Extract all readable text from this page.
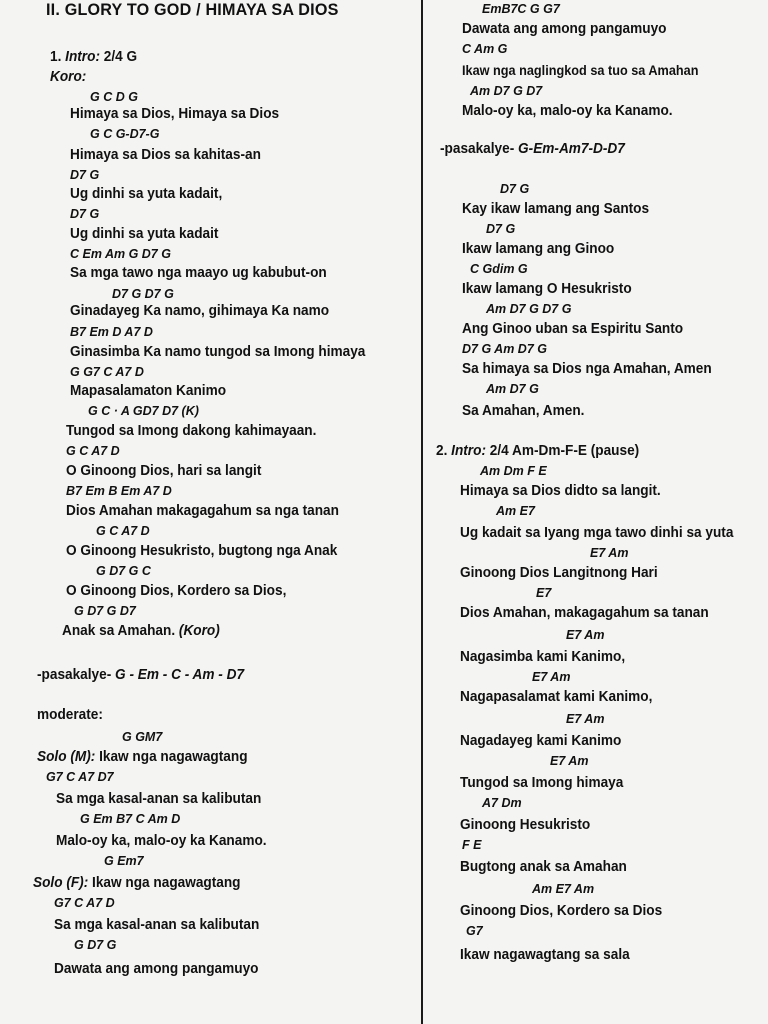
II. GLORY TO GOD / HIMAYA SA DIOS
1. Intro: 2/4 G
Koro:
G C D G
Himaya sa Dios, Himaya sa Dios
G C G-D7-G
Himaya sa Dios sa kahitas-an
D7 G
Ug dinhi sa yuta kadait,
D7 G
Ug dinhi sa yuta kadait
C Em Am G D7 G
Sa mga tawo nga maayo ug kabubut-on
D7 G D7 G
Ginadayeg Ka namo, gihimaya Ka namo
B7 Em D A7 D
Ginasimba Ka namo tungod sa Imong himaya
G G7 C A7 D
Mapasalamaton Kanimo
G C · A GD7 D7 (K)
Tungod sa Imong dakong kahimayaan.
G C A7 D
O Ginoong Dios, hari sa langit
B7 Em B Em A7 D
Dios Amahan makagagahum sa nga tanan
G C A7 D
O Ginoong Hesukristo, bugtong nga Anak
G D7 G C
O Ginoong Dios, Kordero sa Dios,
G D7 G D7
Anak sa Amahan. (Koro)
-pasakalye- G - Em - C - Am - D7
moderate:
G GM7
Solo (M): Ikaw nga nagawagtang
G7 C A7 D7
Sa mga kasal-anan sa kalibutan
G Em B7 C Am D
Malo-oy ka, malo-oy ka Kanamo.
G Em7
Solo (F): Ikaw nga nagawagtang
G7 C A7 D
Sa mga kasal-anan sa kalibutan
G D7 G
Dawata ang among pangamuyo
EmB7C G G7
Dawata ang among pangamuyo
C Am G
Ikaw nga naglingkod sa tuo sa Amahan
Am D7 G D7
Malo-oy ka, malo-oy ka Kanamo.
-pasakalye- G-Em-Am7-D-D7
D7 G
Kay ikaw lamang ang Santos
D7 G
Ikaw lamang ang Ginoo
C Gdim G
Ikaw lamang O Hesukristo
Am D7 G D7 G
Ang Ginoo uban sa Espiritu Santo
D7 G Am D7 G
Sa himaya sa Dios nga Amahan, Amen
Am D7 G
Sa Amahan, Amen.
2. Intro: 2/4 Am-Dm-F-E (pause)
Am Dm F E
Himaya sa Dios didto sa langit.
Am E7
Ug kadait sa Iyang mga tawo dinhi sa yuta
E7 Am
Ginoong Dios Langitnong Hari
E7
Dios Amahan, makagagahum sa tanan
E7 Am
Nagasimba kami Kanimo,
E7 Am
Nagapasalamat kami Kanimo,
E7 Am
Nagadayeg kami Kanimo
E7 Am
Tungod sa Imong himaya
A7 Dm
Ginoong Hesukristo
F E
Bugtong anak sa Amahan
Am E7 Am
Ginoong Dios, Kordero sa Dios
G7
Ikaw nagawagtang sa sala
